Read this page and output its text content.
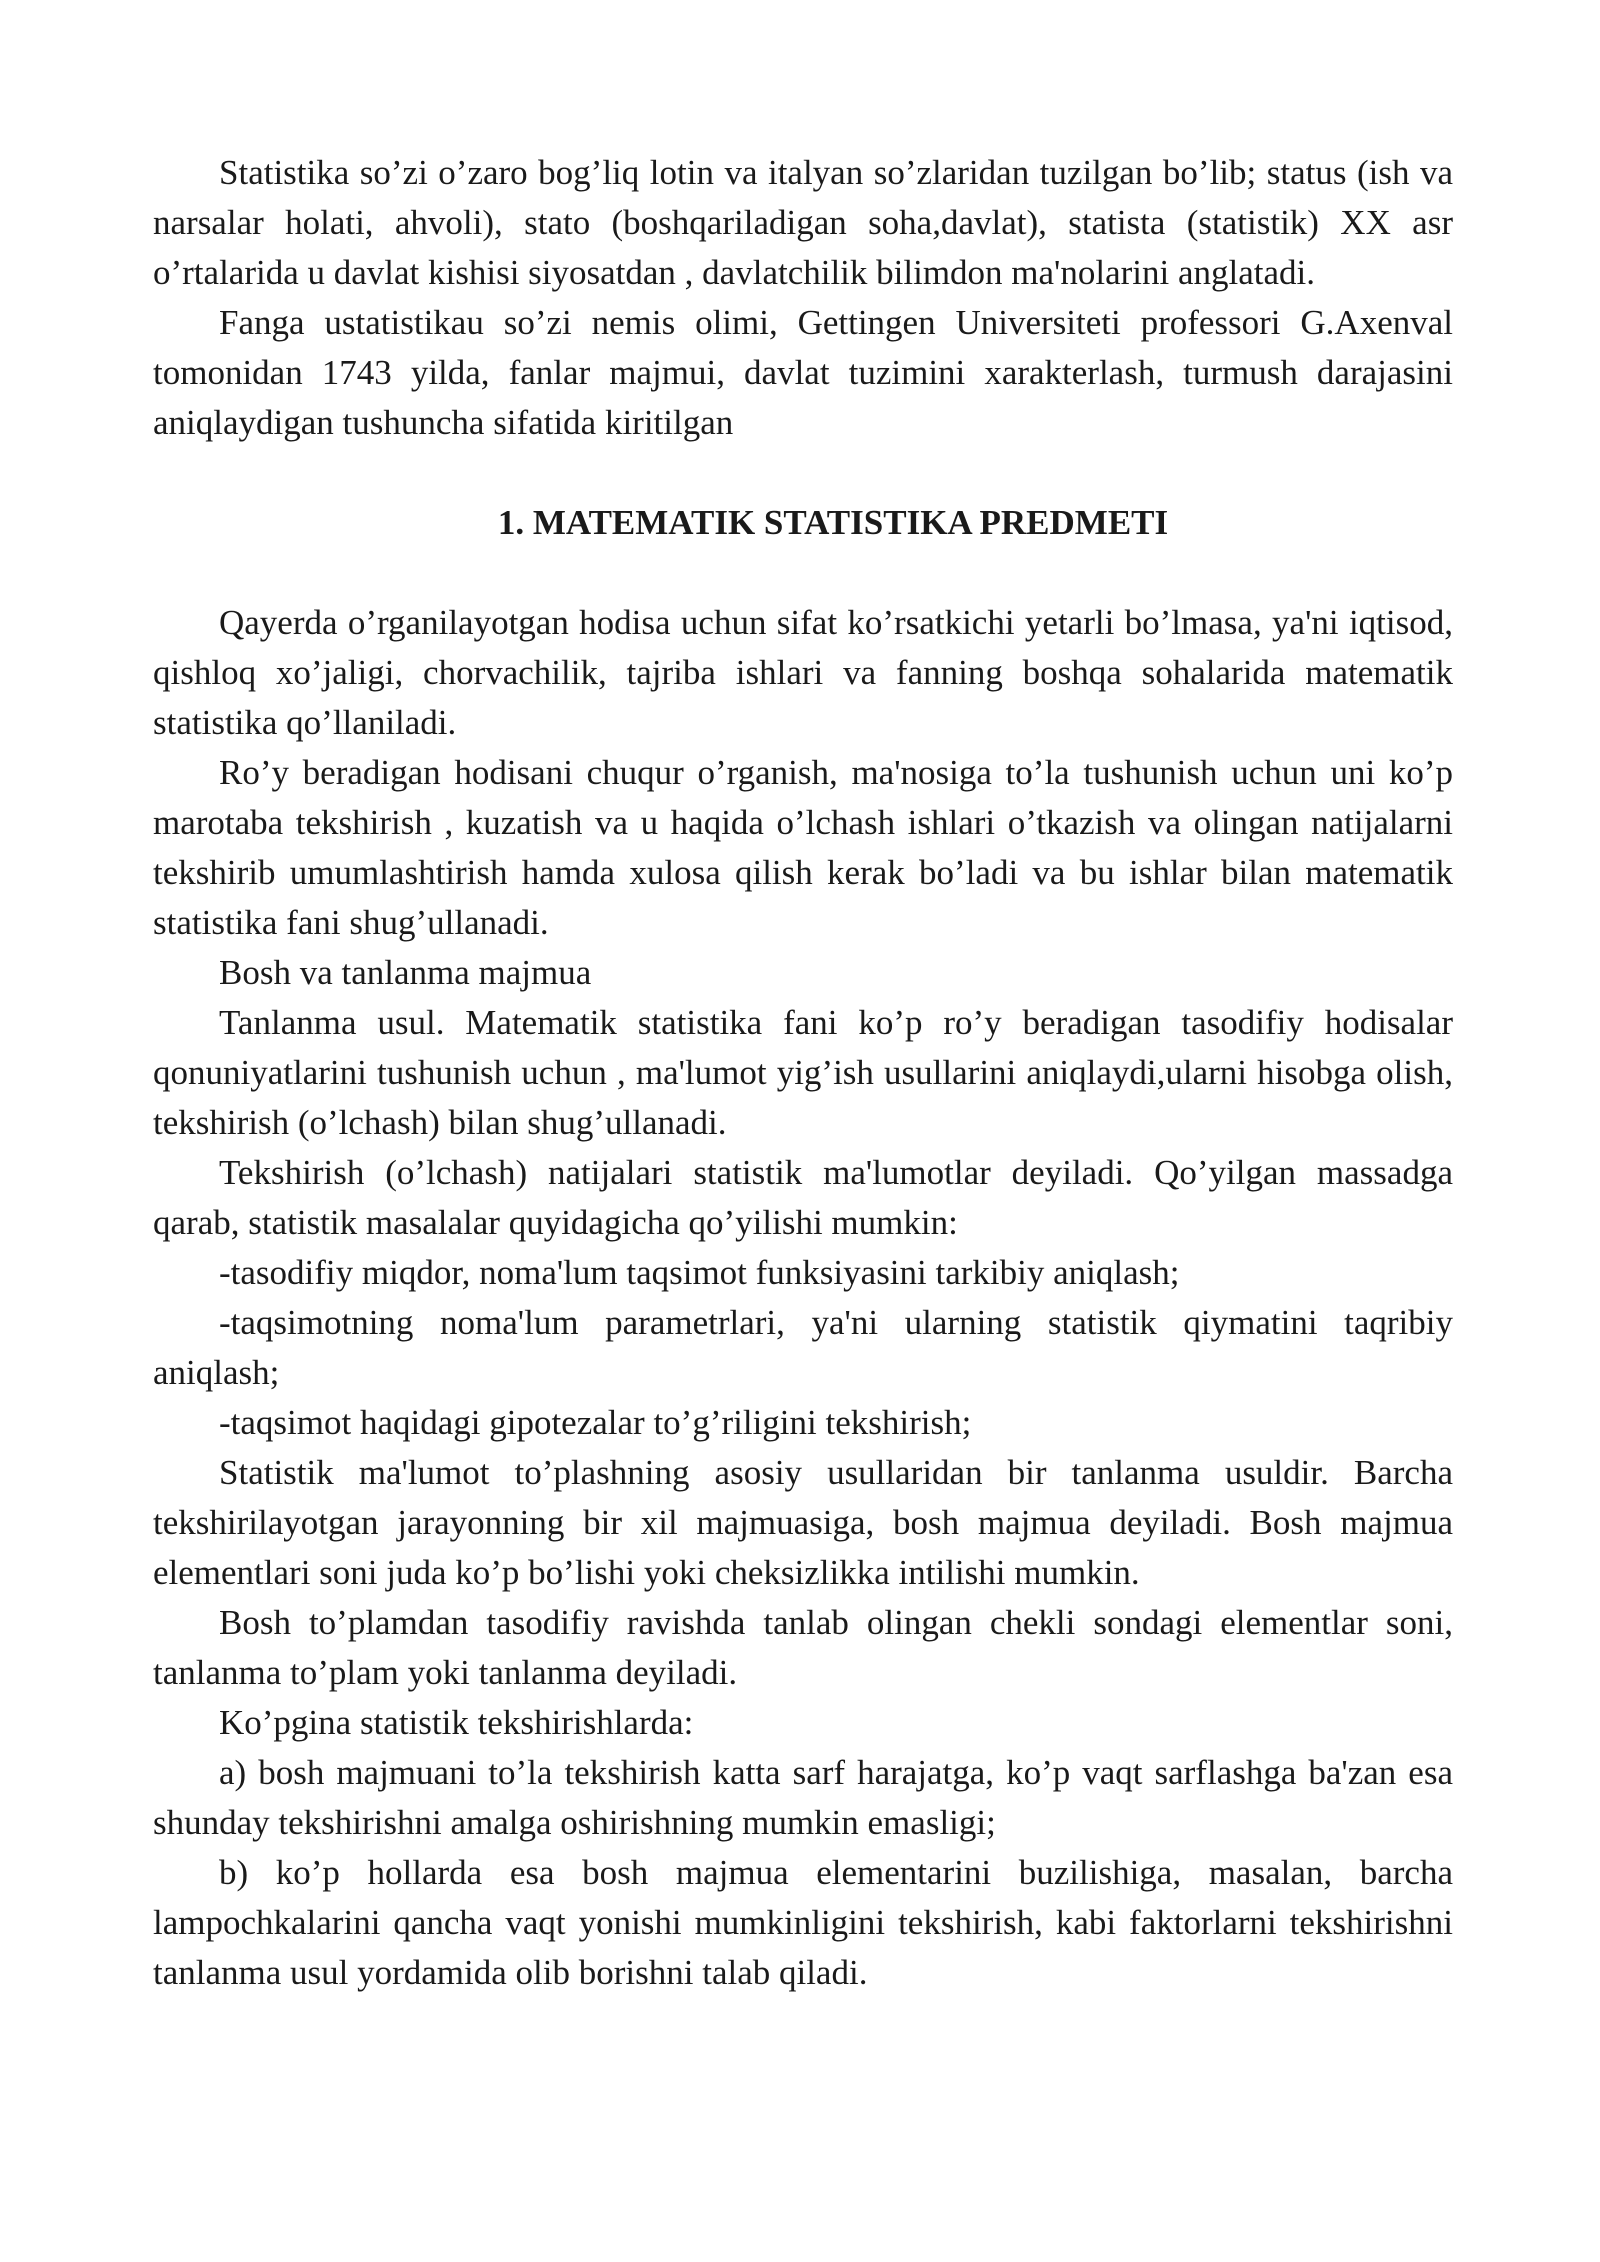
Statistika so’zi o’zaro bog’liq lotin va italyan so’zlaridan tuzilgan bo’lib; status (ish va narsalar holati, ahvoli), stato (boshqariladigan soha,davlat), statista (statistik) XX asr o’rtalarida u davlat kishisi siyosatdan , davlatchilik bilimdon ma'nolarini anglatadi.

Fanga ustatistikau so’zi nemis olimi, Gettingen Universiteti professori G.Axenval tomonidan 1743 yilda, fanlar majmui, davlat tuzimini xarakterlash, turmush darajasini aniqlaydigan tushuncha sifatida kiritilgan

1. MATEMATIK STATISTIKA PREDMETI

Qayerda o’rganilayotgan hodisa uchun sifat ko’rsatkichi yetarli bo’lmasa, ya'ni iqtisod, qishloq xo’jaligi, chorvachilik, tajriba ishlari va fanning boshqa sohalarida matematik statistika qo’llaniladi.

Ro’y beradigan hodisani chuqur o’rganish, ma'nosiga to’la tushunish uchun uni ko’p marotaba tekshirish , kuzatish va u haqida o’lchash ishlari o’tkazish va olingan natijalarni tekshirib umumlashtirish hamda xulosa qilish kerak bo’ladi va bu ishlar bilan matematik statistika fani shug’ullanadi.

Bosh va tanlanma majmua

Tanlanma usul. Matematik statistika fani ko’p ro’y beradigan tasodifiy hodisalar qonuniyatlarini tushunish uchun , ma'lumot yig’ish usullarini aniqlaydi,ularni hisobga olish, tekshirish (o’lchash) bilan shug’ullanadi.

Tekshirish (o’lchash) natijalari statistik ma'lumotlar deyiladi. Qo’yilgan massadga qarab, statistik masalalar quyidagicha qo’yilishi mumkin:

-tasodifiy miqdor, noma'lum taqsimot funksiyasini tarkibiy aniqlash;

-taqsimotning noma'lum parametrlari, ya'ni ularning statistik qiymatini taqribiy aniqlash;

-taqsimot haqidagi gipotezalar to’g’riligini tekshirish;

Statistik ma'lumot to’plashning asosiy usullaridan bir tanlanma usuldir. Barcha tekshirilayotgan jarayonning bir xil majmuasiga, bosh majmua deyiladi. Bosh majmua elementlari soni juda ko’p bo’lishi yoki cheksizlikka intilishi mumkin.

Bosh to’plamdan tasodifiy ravishda tanlab olingan chekli sondagi elementlar soni, tanlanma to’plam yoki tanlanma deyiladi.

Ko’pgina statistik tekshirishlarda:

a) bosh majmuani to’la tekshirish katta sarf harajatga, ko’p vaqt sarflashga ba'zan esa shunday tekshirishni amalga oshirishning mumkin emasligi;

b) ko’p hollarda esa bosh majmua elementarini buzilishiga, masalan, barcha lampochkalarini qancha vaqt yonishi mumkinligini tekshirish, kabi faktorlarni tekshirishni tanlanma usul yordamida olib borishni talab qiladi.
